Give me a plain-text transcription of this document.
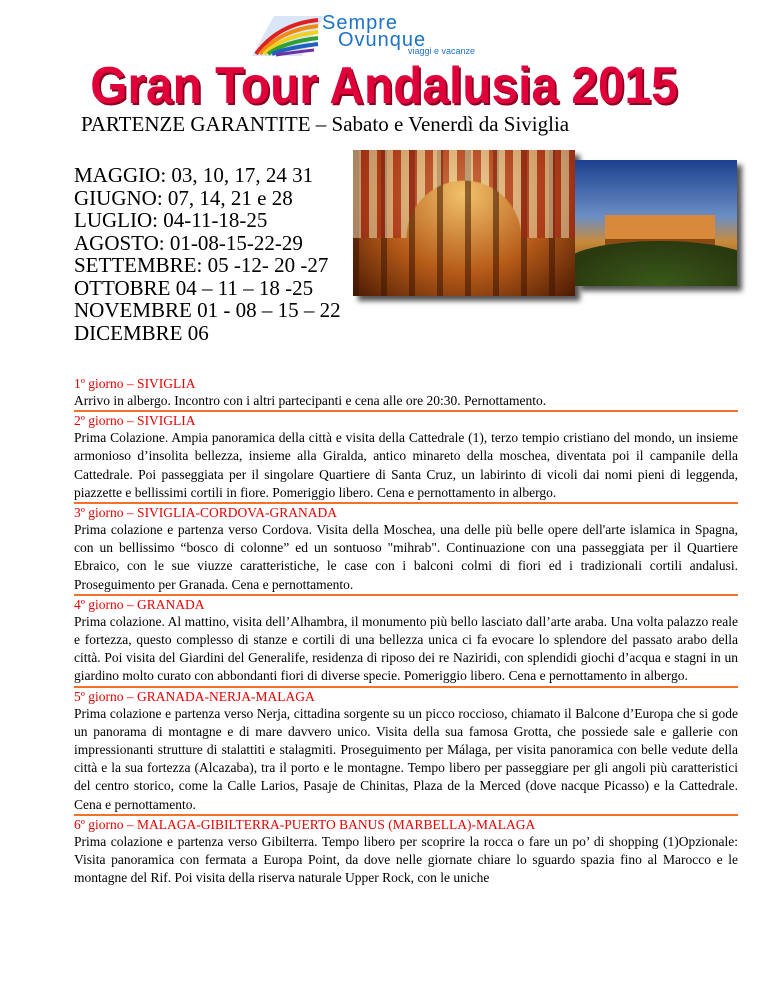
Sempre
Ovunque
viaggi e vacanze
Gran Tour Andalusia 2015
PARTENZE GARANTITE – Sabato e Venerdì da Siviglia
MAGGIO: 03, 10, 17, 24 31
GIUGNO: 07, 14, 21 e 28
LUGLIO: 04-11-18-25
AGOSTO: 01-08-15-22-29
SETTEMBRE: 05 -12- 20 -27
OTTOBRE 04 – 11 – 18 -25
NOVEMBRE 01 - 08 – 15 – 22
DICEMBRE 06
1º giorno – SIVIGLIA
Arrivo in albergo. Incontro con i altri partecipanti e cena alle ore 20:30. Pernottamento.
2º giorno – SIVIGLIA
Prima Colazione. Ampia panoramica della città e visita della Cattedrale (1), terzo tempio cristiano del mondo, un insieme armonioso d’insolita bellezza, insieme alla Giralda, antico minareto della moschea, diventata poi il campanile della Cattedrale. Poi passeggiata per il singolare Quartiere di Santa Cruz, un labirinto di vicoli dai nomi pieni di leggenda, piazzette e bellissimi cortili in fiore. Pomeriggio libero. Cena e pernottamento in albergo.
3º giorno – SIVIGLIA-CORDOVA-GRANADA
Prima colazione e partenza verso Cordova. Visita della Moschea, una delle più belle opere dell'arte islamica in Spagna, con un bellissimo “bosco di colonne” ed un sontuoso "mihrab". Continuazione con una passeggiata per il Quartiere Ebraico, con le sue viuzze caratteristiche, le case con i balconi colmi di fiori ed i tradizionali cortili andalusi. Proseguimento per Granada. Cena e pernottamento.
4º giorno – GRANADA
Prima colazione. Al mattino, visita dell’Alhambra, il monumento più bello lasciato dall’arte araba. Una volta palazzo reale e fortezza, questo complesso di stanze e cortili di una bellezza unica ci fa evocare lo splendore del passato arabo della città. Poi visita del Giardini del Generalife, residenza di riposo dei re Naziridi, con splendidi giochi d’acqua e stagni in un giardino molto curato con abbondanti fiori di diverse specie. Pomeriggio libero. Cena e pernottamento in albergo.
5º giorno – GRANADA-NERJA-MALAGA
Prima colazione e partenza verso Nerja, cittadina sorgente su un picco roccioso, chiamato il Balcone d’Europa che si gode un panorama di montagne e di mare davvero unico. Visita della sua famosa Grotta, che possiede sale e gallerie con impressionanti strutture di stalattiti e stalagmiti. Proseguimento per Málaga, per visita panoramica con belle vedute della città e la sua fortezza (Alcazaba), tra il porto e le montagne. Tempo libero per passeggiare per gli angoli più caratteristici del centro storico, come la Calle Larios, Pasaje de Chinitas, Plaza de la Merced (dove nacque Picasso) e la Cattedrale. Cena e pernottamento.
6º giorno – MALAGA-GIBILTERRA-PUERTO BANUS (MARBELLA)-MALAGA
Prima colazione e partenza verso Gibilterra. Tempo libero per scoprire la rocca o fare un po’ di shopping (1)Opzionale: Visita panoramica con fermata a Europa Point, da dove nelle giornate chiare lo sguardo spazia fino al Marocco e le montagne del Rif. Poi visita della riserva naturale Upper Rock, con le uniche
